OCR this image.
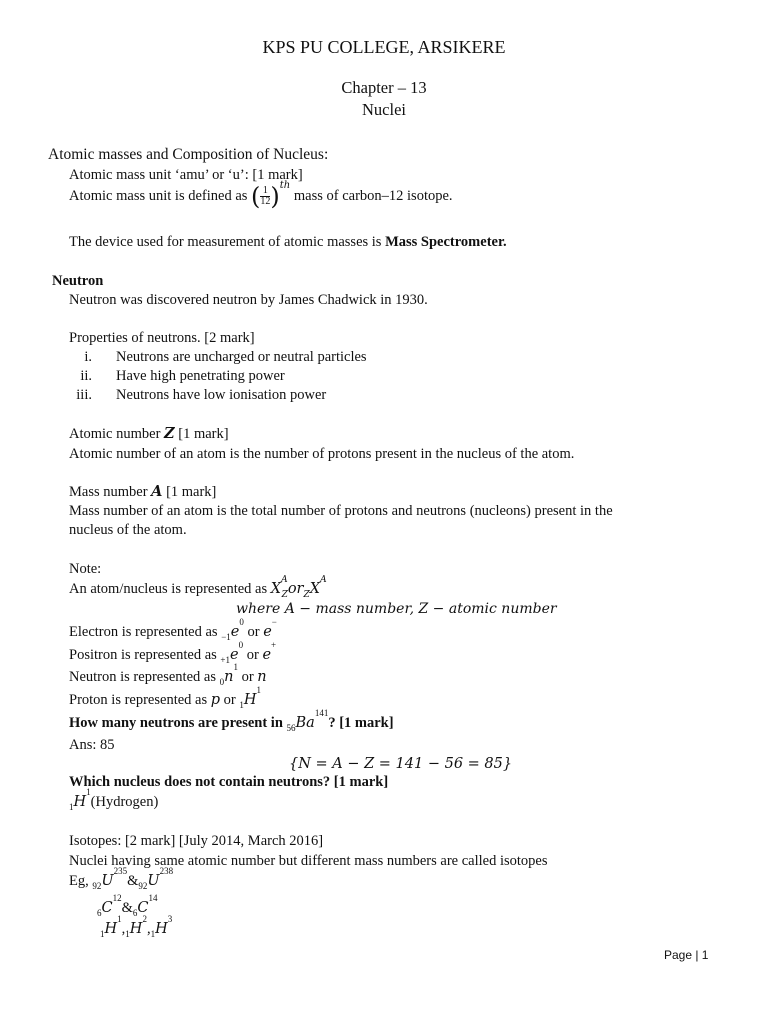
KPS PU COLLEGE, ARSIKERE
Chapter – 13
Nuclei
Atomic masses and Composition of Nucleus:
Atomic mass unit ‘amu’ or ‘u’: [1 mark]
Atomic mass unit is defined as ( $\frac{1}{12})^{th}$ mass of carbon–12 isotope.
The device used for measurement of atomic masses is Mass Spectrometer.
Neutron
Neutron was discovered neutron by James Chadwick in 1930.
Properties of neutrons. [2 mark]
i. Neutrons are uncharged or neutral particles
ii. Have high penetrating power
iii. Neutrons have low ionisation power
Atomic number Z [1 mark]
Atomic number of an atom is the number of protons present in the nucleus of the atom.
Mass number A [1 mark]
Mass number of an atom is the total number of protons and neutrons (nucleons) present in the
nucleus of the atom.
Note:
An atom/nucleus is represented as $X^A_Zor_ZX^A$
where A − mass number, Z − atomic number
Electron is represented as $_{-1}e^0$ or e−
Positron is represented as $_{+1}e^0$ or e+
Neutron is represented as $_0n^1$ or n
Proton is represented as p or $_1H^1$
How many neutrons are present in $_{56}Ba^{141}$? [1 mark]
Ans: 85
{N = A − Z = 141 − 56 = 85}
Which nucleus does not contain neutrons? [1 mark]
$_1H^1(Hydrogen)$
Isotopes: [2 mark] [July 2014, March 2016]
Nuclei having same atomic number but different mass numbers are called isotopes
Eg, $_{92}U^{235}\&_{92}U^{238}$
$_6C^{12}\&_6C^{14}$
$_1H^1,_1H^2,_1H^3$
Page | 1
